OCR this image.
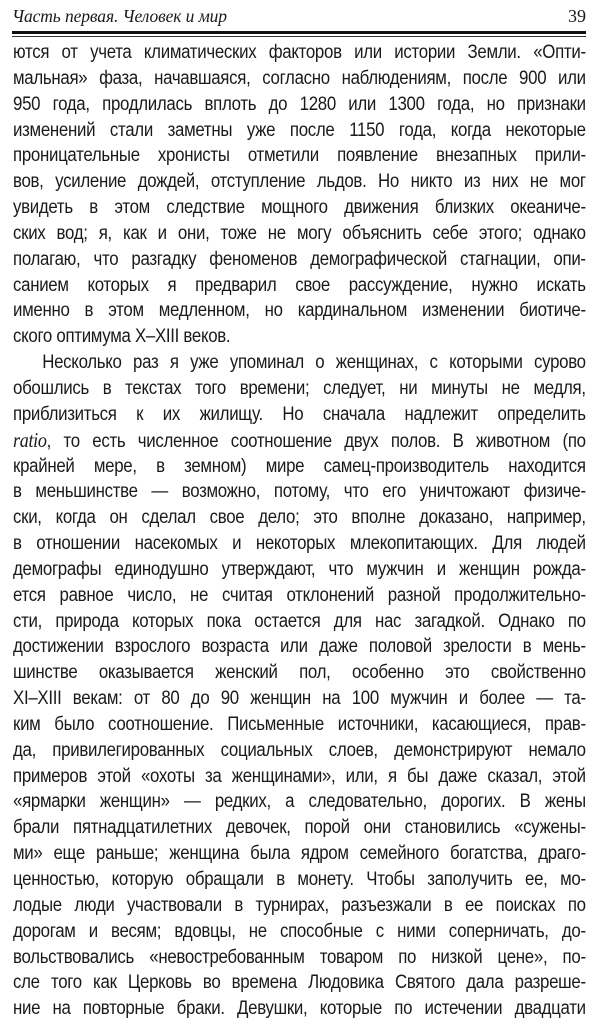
Часть первая. Человек и мир	39
ются от учета климатических факторов или истории Земли. «Опти-
мальная» фаза, начавшаяся, согласно наблюдениям, после 900 или
950 года, продлилась вплоть до 1280 или 1300 года, но признаки
изменений стали заметны уже после 1150 года, когда некоторые
проницательные хронисты отметили появление внезапных прили-
вов, усиление дождей, отступление льдов. Но никто из них не мог
увидеть в этом следствие мощного движения близких океаниче-
ских вод; я, как и они, тоже не могу объяснить себе этого; однако
полагаю, что разгадку феноменов демографической стагнации, опи-
санием которых я предварил свое рассуждение, нужно искать
именно в этом медленном, но кардинальном изменении биотиче-
ского оптимума X–XIII веков.
Несколько раз я уже упоминал о женщинах, с которыми сурово
обошлись в текстах того времени; следует, ни минуты не медля,
приблизиться к их жилищу. Но сначала надлежит определить
ratio, то есть численное соотношение двух полов. В животном (по
крайней мере, в земном) мире самец-производитель находится
в меньшинстве — возможно, потому, что его уничтожают физиче-
ски, когда он сделал свое дело; это вполне доказано, например,
в отношении насекомых и некоторых млекопитающих. Для людей
демографы единодушно утверждают, что мужчин и женщин рожда-
ется равное число, не считая отклонений разной продолжительно-
сти, природа которых пока остается для нас загадкой. Однако по
достижении взрослого возраста или даже половой зрелости в мень-
шинстве оказывается женский пол, особенно это свойственно
XI–XIII векам: от 80 до 90 женщин на 100 мужчин и более — та-
ким было соотношение. Письменные источники, касающиеся, прав-
да, привилегированных социальных слоев, демонстрируют немало
примеров этой «охоты за женщинами», или, я бы даже сказал, этой
«ярмарки женщин» — редких, а следовательно, дорогих. В жены
брали пятнадцатилетних девочек, порой они становились «сужены-
ми» еще раньше; женщина была ядром семейного богатства, драго-
ценностью, которую обращали в монету. Чтобы заполучить ее, мо-
лодые люди участвовали в турнирах, разъезжали в ее поисках по
дорогам и весям; вдовцы, не способные с ними соперничать, до-
вольствовались «невостребованным товаром по низкой цене», по-
сле того как Церковь во времена Людовика Святого дала разреше-
ние на повторные браки. Девушки, которые по истечении двадцати
